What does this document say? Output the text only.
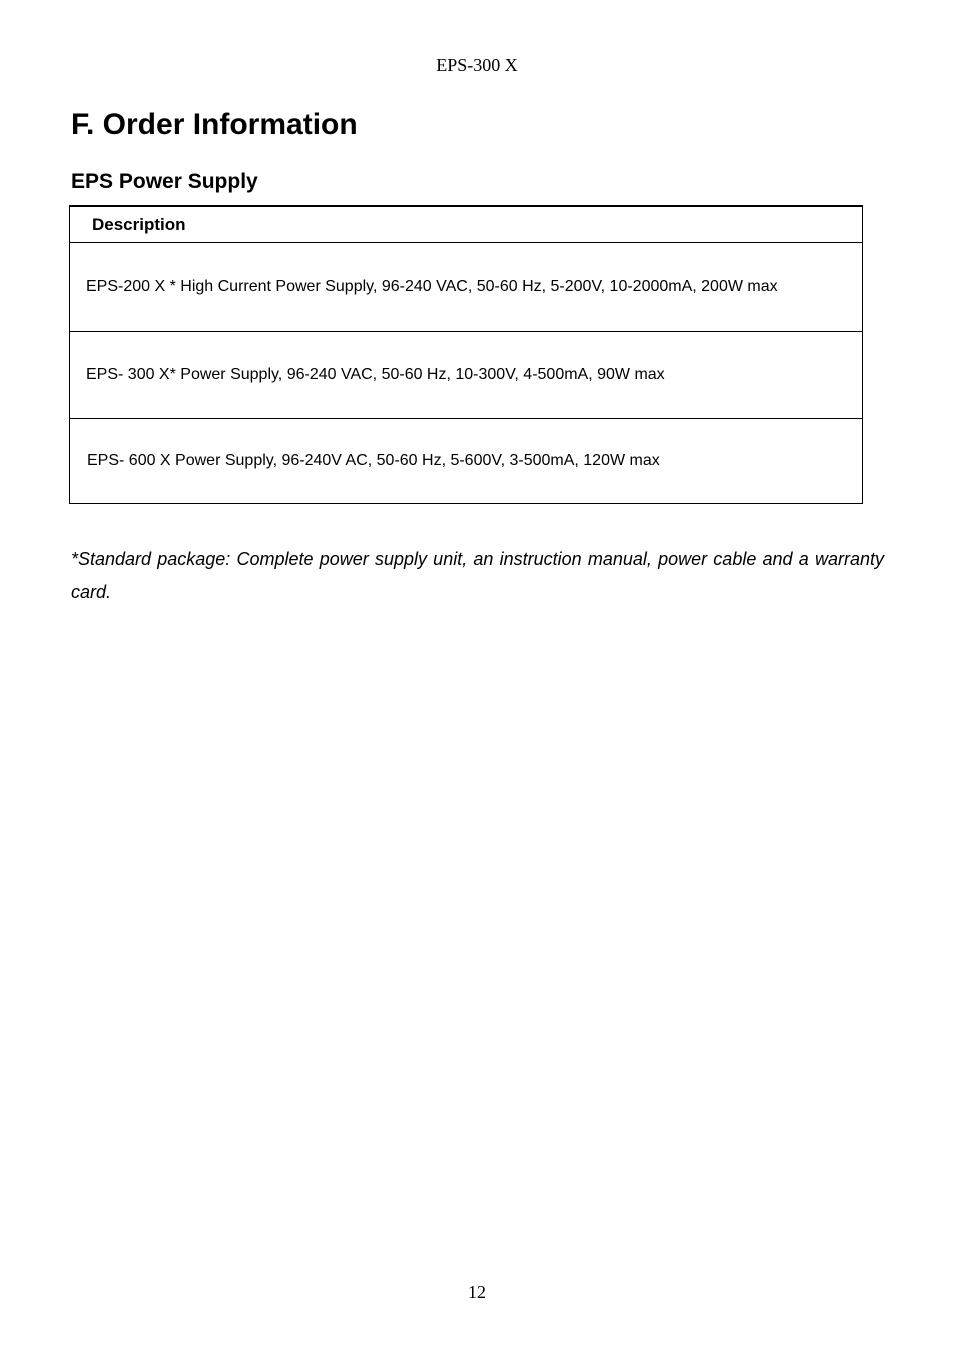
EPS-300 X
F. Order Information
EPS Power Supply
Description
EPS-200 X * High Current Power Supply, 96-240 VAC, 50-60 Hz, 5-200V, 10-2000mA, 200W max
EPS- 300 X* Power Supply, 96-240 VAC, 50-60 Hz, 10-300V, 4-500mA, 90W max
EPS- 600 X Power Supply, 96-240V AC, 50-60 Hz, 5-600V, 3-500mA, 120W max

*Standard package: Complete power supply unit, an instruction manual, power cable and a warranty card.

12
